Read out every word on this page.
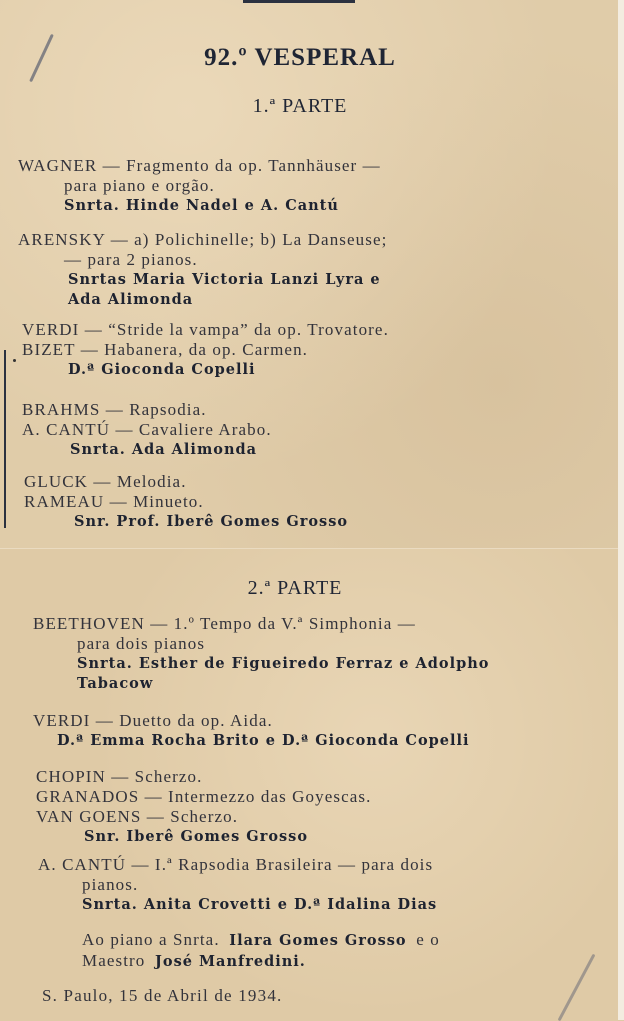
92.º VESPERAL
1.ª PARTE
WAGNER — Fragmento da op. Tannhäuser —
para piano e orgão.
Snrta. Hinde Nadel e A. Cantú
ARENSKY — a) Polichinelle; b) La Danseuse;
— para 2 pianos.
Snrtas Maria Victoria Lanzi Lyra e
Ada Alimonda
VERDI — “Stride la vampa” da op. Trovatore.
BIZET — Habanera, da op. Carmen.
D.ª Gioconda Copelli
BRAHMS — Rapsodia.
A. CANTÚ — Cavaliere Arabo.
Snrta. Ada Alimonda
GLUCK — Melodia.
RAMEAU — Minueto.
Snr. Prof. Iberê Gomes Grosso
2.ª PARTE
BEETHOVEN — 1.º Tempo da V.ª Simphonia —
para dois pianos
Snrta. Esther de Figueiredo Ferraz e Adolpho
Tabacow
VERDI — Duetto da op. Aida.
D.ª Emma Rocha Brito e D.ª Gioconda Copelli
CHOPIN — Scherzo.
GRANADOS — Intermezzo das Goyescas.
VAN GOENS — Scherzo.
Snr. Iberê Gomes Grosso
A. CANTÚ — I.ª Rapsodia Brasileira — para dois
pianos.
Snrta. Anita Crovetti e D.ª Idalina Dias
Ao piano a Snrta. Ilara Gomes Grosso e o
Maestro José Manfredini.
S. Paulo, 15 de Abril de 1934.
